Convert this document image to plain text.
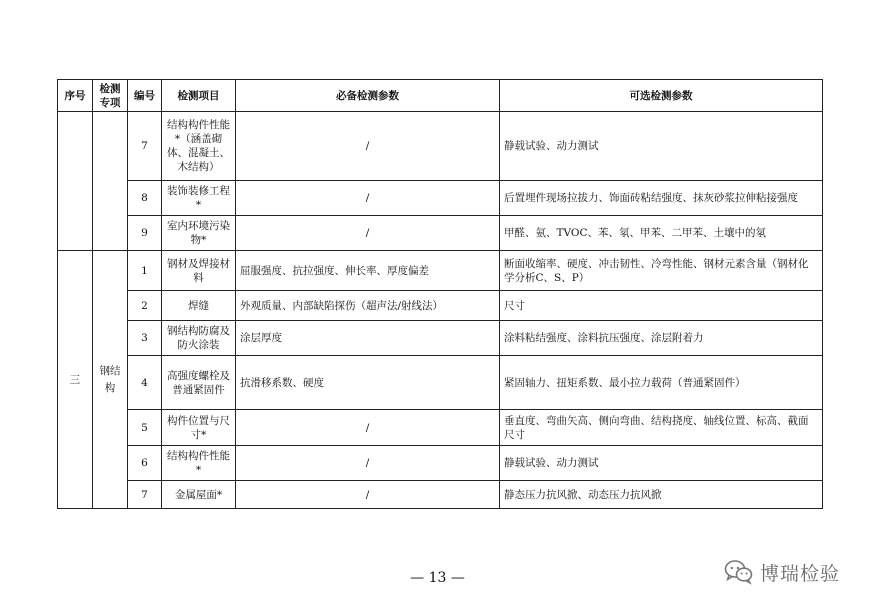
序号	检测专项	编号	检测项目	必备检测参数	可选检测参数
		7	结构构件性能*（涵盖砌体、混凝土、木结构）	/	静载试验、动力测试
		8	装饰装修工程*	/	后置埋件现场拉拔力、饰面砖粘结强度、抹灰砂浆拉伸粘接强度
		9	室内环境污染物*	/	甲醛、氨、TVOC、苯、氡、甲苯、二甲苯、土壤中的氡
三	钢结构	1	钢材及焊接材料	屈服强度、抗拉强度、伸长率、厚度偏差	断面收缩率、硬度、冲击韧性、冷弯性能、钢材元素含量（钢材化学分析C、S、P）
		2	焊缝	外观质量、内部缺陷探伤（超声法/射线法）	尺寸
		3	钢结构防腐及防火涂装	涂层厚度	涂料粘结强度、涂料抗压强度、涂层附着力
		4	高强度螺栓及普通紧固件	抗滑移系数、硬度	紧固轴力、扭矩系数、最小拉力载荷（普通紧固件）
		5	构件位置与尺寸*	/	垂直度、弯曲矢高、侧向弯曲、结构挠度、轴线位置、标高、截面尺寸
		6	结构构件性能*	/	静载试验、动力测试
		7	金属屋面*	/	静态压力抗风掀、动态压力抗风掀
— 13 —	博瑞检验
